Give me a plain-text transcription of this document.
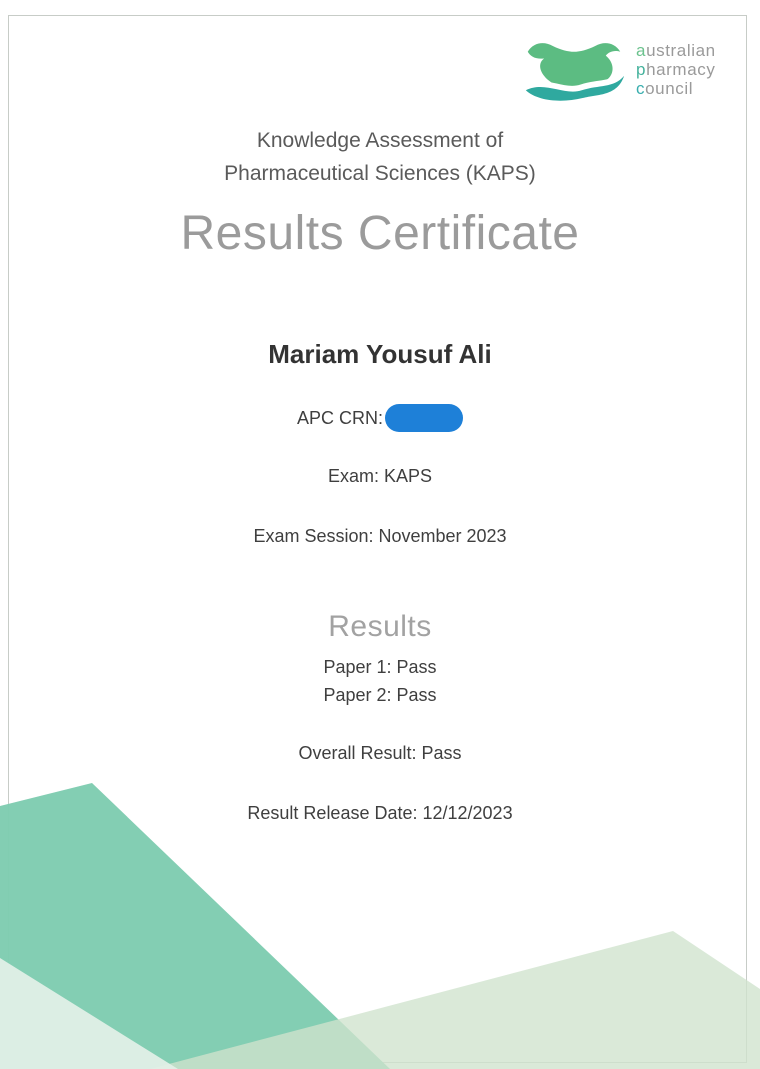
australian
pharmacy
council
Knowledge Assessment of
Pharmaceutical Sciences (KAPS)
Results Certificate
Mariam Yousuf Ali
APC CRN:
Exam: KAPS
Exam Session: November 2023
Results
Paper 1: Pass
Paper 2: Pass
Overall Result: Pass
Result Release Date: 12/12/2023
